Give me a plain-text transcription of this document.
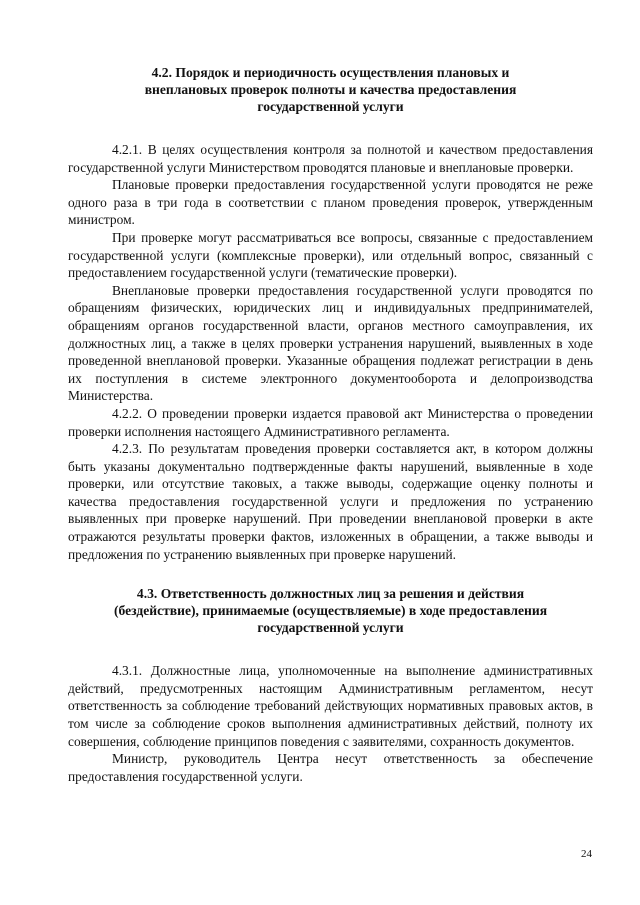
4.2. Порядок и периодичность осуществления плановых и
внеплановых проверок полноты и качества предоставления
государственной услуги

4.2.1. В целях осуществления контроля за полнотой и качеством предоставления государственной услуги Министерством проводятся плановые и внеплановые проверки.

Плановые проверки предоставления государственной услуги проводятся не реже одного раза в три года в соответствии с планом проведения проверок, утвержденным министром.

При проверке могут рассматриваться все вопросы, связанные с предоставлением государственной услуги (комплексные проверки), или отдельный вопрос, связанный с предоставлением государственной услуги (тематические проверки).

Внеплановые проверки предоставления государственной услуги проводятся по обращениям физических, юридических лиц и индивидуальных предпринимателей, обращениям органов государственной власти, органов местного самоуправления, их должностных лиц, а также в целях проверки устранения нарушений, выявленных в ходе проведенной внеплановой проверки. Указанные обращения подлежат регистрации в день их поступления в системе электронного документооборота и делопроизводства Министерства.

4.2.2. О проведении проверки издается правовой акт Министерства о проведении проверки исполнения настоящего Административного регламента.

4.2.3. По результатам проведения проверки составляется акт, в котором должны быть указаны документально подтвержденные факты нарушений, выявленные в ходе проверки, или отсутствие таковых, а также выводы, содержащие оценку полноты и качества предоставления государственной услуги и предложения по устранению выявленных при проверке нарушений. При проведении внеплановой проверки в акте отражаются результаты проверки фактов, изложенных в обращении, а также выводы и предложения по устранению выявленных при проверке нарушений.

4.3. Ответственность должностных лиц за решения и действия
(бездействие), принимаемые (осуществляемые) в ходе предоставления
государственной услуги

4.3.1. Должностные лица, уполномоченные на выполнение административных действий, предусмотренных настоящим Административным регламентом, несут ответственность за соблюдение требований действующих нормативных правовых актов, в том числе за соблюдение сроков выполнения административных действий, полноту их совершения, соблюдение принципов поведения с заявителями, сохранность документов.

Министр, руководитель Центра несут ответственность за обеспечение предоставления государственной услуги.

24
